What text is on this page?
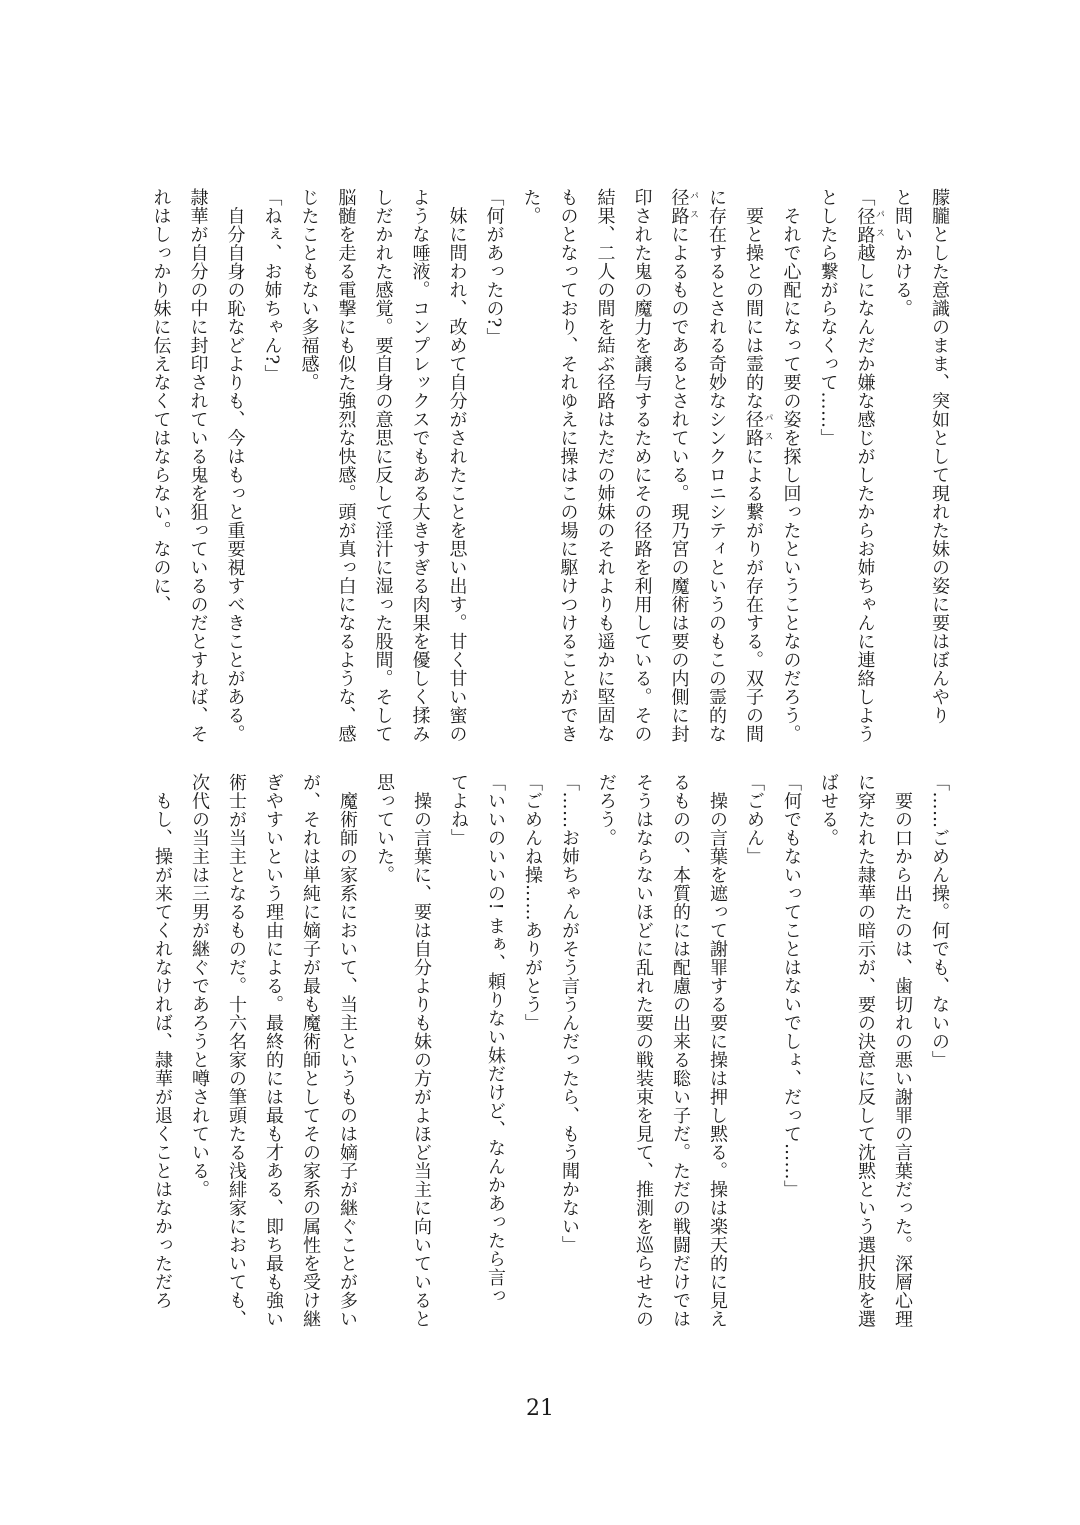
朦朧とした意識のまま、突如として現れた妹の姿に要はぼんやり
と問いかける。
「径路パス越しになんだか嫌な感じがしたからお姉ちゃんに連絡しよう
としたら繋がらなくって……」
　それで心配になって要の姿を探し回ったということなのだろう。
　要と操との間には霊的な径路パスによる繋がりが存在する。双子の間
に存在するとされる奇妙なシンクロニシティというのもこの霊的な
径路パスによるものであるとされている。現乃宮の魔術は要の内側に封
印された鬼の魔力を譲与するためにその径路を利用している。その
結果、二人の間を結ぶ径路はただの姉妹のそれよりも遥かに堅固な
ものとなっており、それゆえに操はこの場に駆けつけることができ
た。
「何があったの?」
　妹に問われ、改めて自分がされたことを思い出す。甘く甘い蜜の
ような唾液。コンプレックスでもある大きすぎる肉果を優しく揉み
しだかれた感覚。要自身の意思に反して淫汁に湿った股間。そして
脳髄を走る電撃にも似た強烈な快感。頭が真っ白になるような、感
じたこともない多福感。
「ねぇ、お姉ちゃん?」
　自分自身の恥などよりも、今はもっと重要視すべきことがある。
隷華が自分の中に封印されている鬼を狙っているのだとすれば、そ
れはしっかり妹に伝えなくてはならない。なのに、
「……ごめん操。何でも、ないの」
　要の口から出たのは、歯切れの悪い謝罪の言葉だった。深層心理
に穿たれた隷華の暗示が、要の決意に反して沈黙という選択肢を選
ばせる。
「何でもないってことはないでしょ、だって……」
「ごめん」
　操の言葉を遮って謝罪する要に操は押し黙る。操は楽天的に見え
るものの、本質的には配慮の出来る聡い子だ。ただの戦闘だけでは
そうはならないほどに乱れた要の戦装束を見て、推測を巡らせたの
だろう。
「……お姉ちゃんがそう言うんだったら、もう聞かない」
「ごめんね操……ありがとう」
「いいのいいの! まぁ、頼りない妹だけど、なんかあったら言っ
てよね」
　操の言葉に、要は自分よりも妹の方がよほど当主に向いていると
思っていた。
　魔術師の家系において、当主というものは嫡子が継ぐことが多い
が、それは単純に嫡子が最も魔術師としてその家系の属性を受け継
ぎやすいという理由による。最終的には最も才ある、即ち最も強い
術士が当主となるものだ。十六名家の筆頭たる浅緋家においても、
次代の当主は三男が継ぐであろうと噂されている。
　もし、操が来てくれなければ、隷華が退くことはなかっただろ
21
